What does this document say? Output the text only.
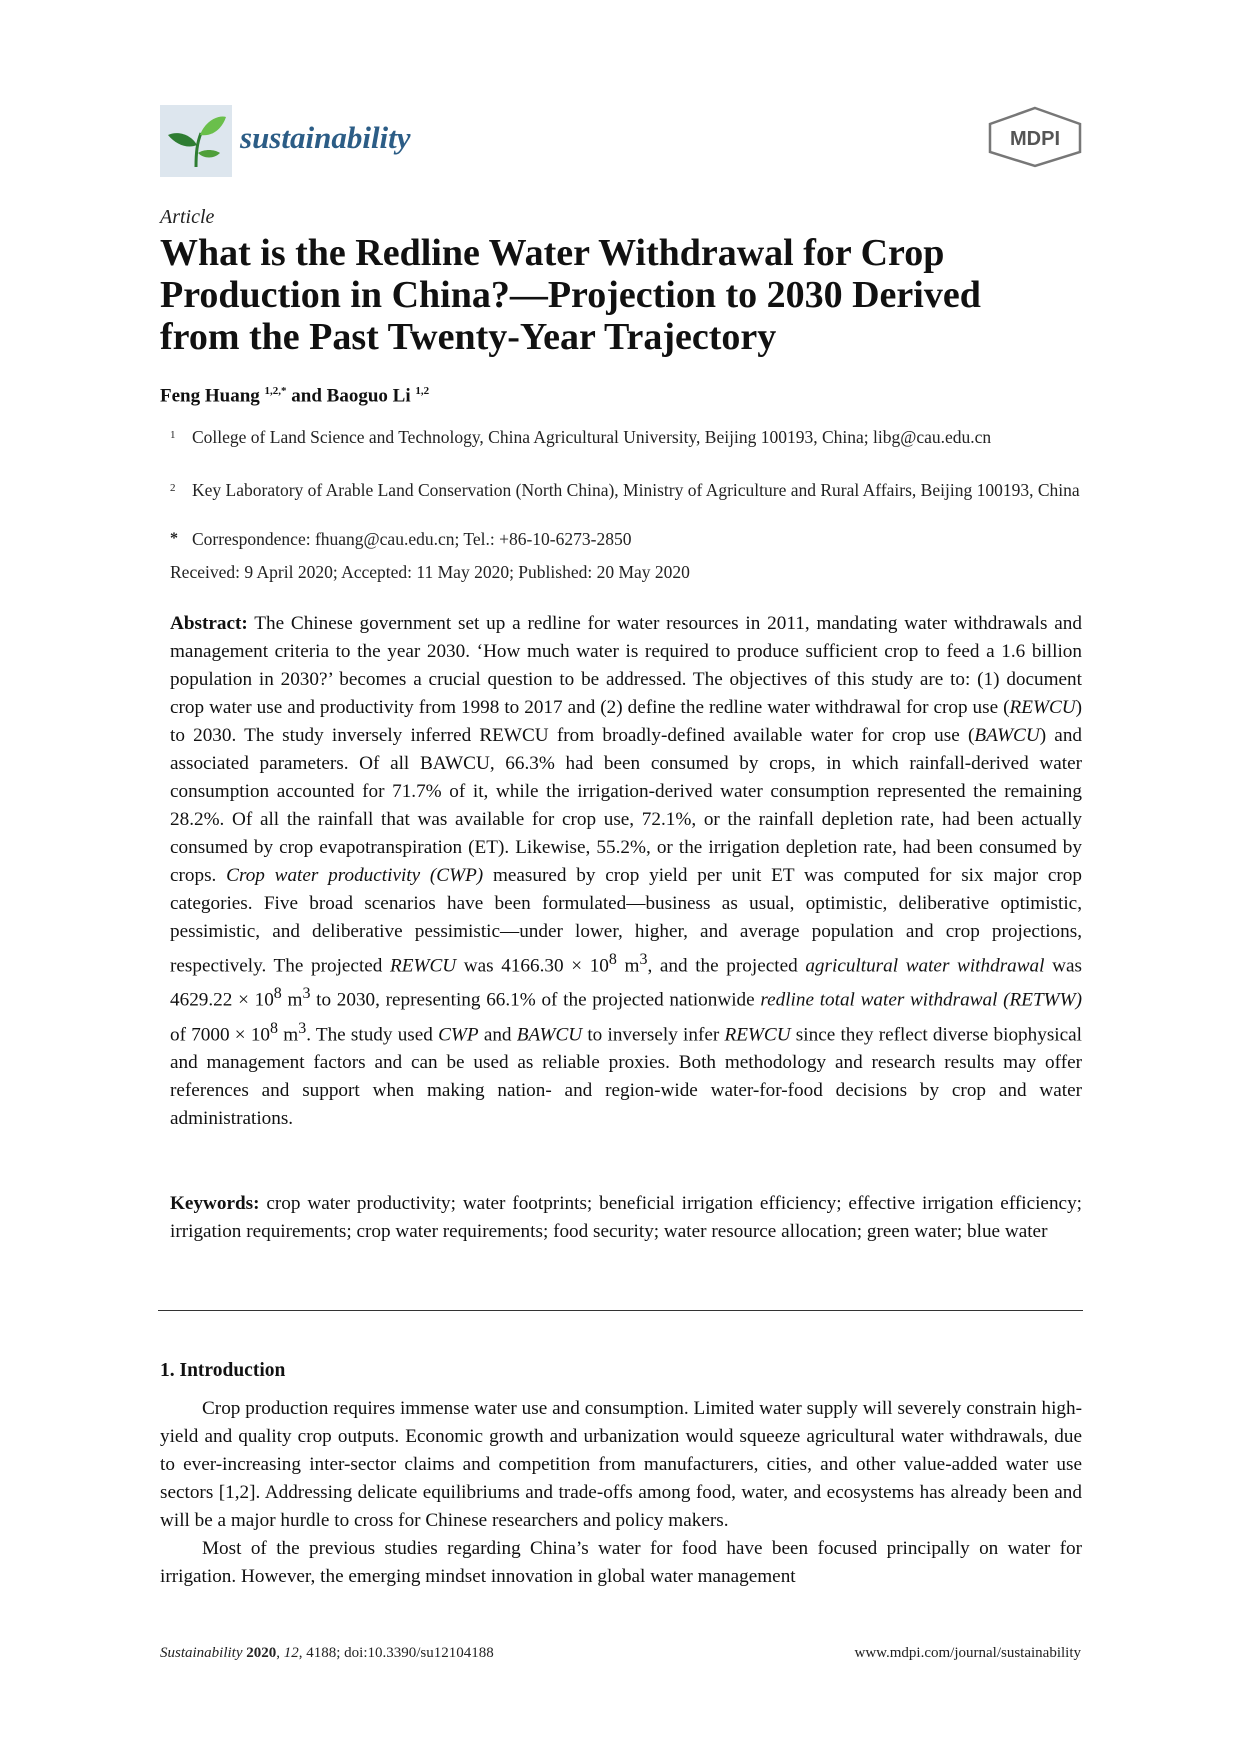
sustainability	MDPI
Article
What is the Redline Water Withdrawal for Crop
Production in China?—Projection to 2030 Derived
from the Past Twenty-Year Trajectory
Feng Huang $^{1,2,*}$ and Baoguo Li $^{1,2}$
1 College of Land Science and Technology, China Agricultural University, Beijing 100193, China; libg@cau.edu.cn
2 Key Laboratory of Arable Land Conservation (North China), Ministry of Agriculture and Rural Affairs, Beijing 100193, China
* Correspondence: fhuang@cau.edu.cn; Tel.: +86-10-6273-2850
Received: 9 April 2020; Accepted: 11 May 2020; Published: 20 May 2020
Abstract: The Chinese government set up a redline for water resources in 2011, mandating water withdrawals and management criteria to the year 2030. ‘How much water is required to produce sufficient crop to feed a 1.6 billion population in 2030?’ becomes a crucial question to be addressed. The objectives of this study are to: (1) document crop water use and productivity from 1998 to 2017 and (2) define the redline water withdrawal for crop use (REWCU) to 2030. The study inversely inferred REWCU from broadly-defined available water for crop use (BAWCU) and associated parameters. Of all BAWCU, 66.3% had been consumed by crops, in which rainfall-derived water consumption accounted for 71.7% of it, while the irrigation-derived water consumption represented the remaining 28.2%. Of all the rainfall that was available for crop use, 72.1%, or the rainfall depletion rate, had been actually consumed by crop evapotranspiration (ET). Likewise, 55.2%, or the irrigation depletion rate, had been consumed by crops. Crop water productivity (CWP) measured by crop yield per unit ET was computed for six major crop categories. Five broad scenarios have been formulated—business as usual, optimistic, deliberative optimistic, pessimistic, and deliberative pessimistic—under lower, higher, and average population and crop projections, respectively. The projected REWCU was $4166.30 \times 10^8$ $m^3$, and the projected agricultural water withdrawal was $4629.22 \times 10^8$ $m^3$ to 2030, representing 66.1% of the projected nationwide redline total water withdrawal (RETWW) of $7000 \times 10^8$ $m^3$. The study used CWP and BAWCU to inversely infer REWCU since they reflect diverse biophysical and management factors and can be used as reliable proxies. Both methodology and research results may offer references and support when making nation- and region-wide water-for-food decisions by crop and water administrations.
Keywords: crop water productivity; water footprints; beneficial irrigation efficiency; effective irrigation efficiency; irrigation requirements; crop water requirements; food security; water resource allocation; green water; blue water
1. Introduction

Crop production requires immense water use and consumption. Limited water supply will severely constrain high-yield and quality crop outputs. Economic growth and urbanization would squeeze agricultural water withdrawals, due to ever-increasing inter-sector claims and competition from manufacturers, cities, and other value-added water use sectors [1,2]. Addressing delicate equilibriums and trade-offs among food, water, and ecosystems has already been and will be a major hurdle to cross for Chinese researchers and policy makers.

Most of the previous studies regarding China’s water for food have been focused principally on water for irrigation. However, the emerging mindset innovation in global water management

Sustainability 2020, 12, 4188; doi:10.3390/su12104188	www.mdpi.com/journal/sustainability
